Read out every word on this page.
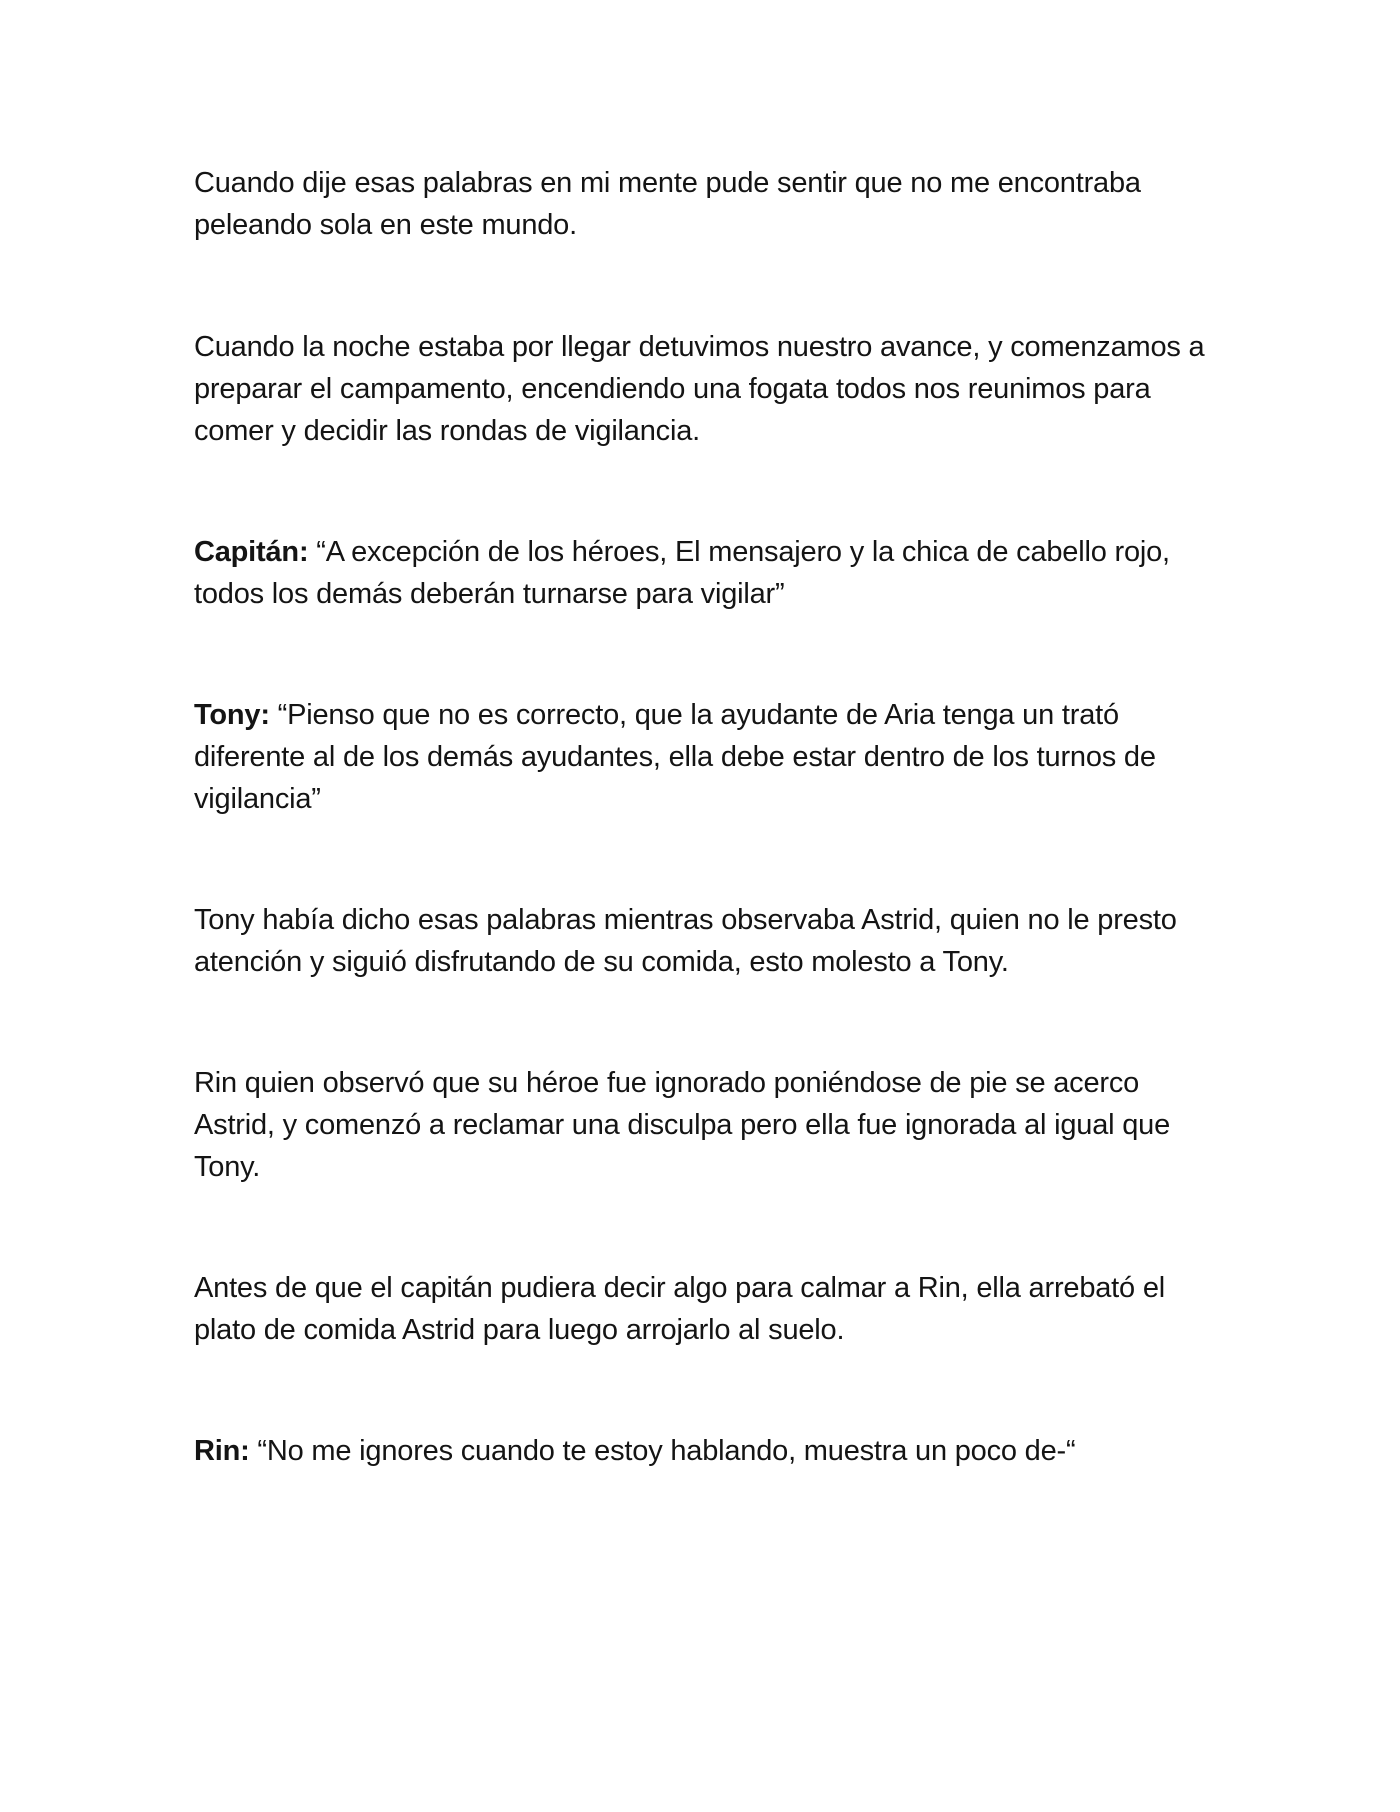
Cuando dije esas palabras en mi mente pude sentir que no me encontraba peleando sola en este mundo.

Cuando la noche estaba por llegar detuvimos nuestro avance, y comenzamos a preparar el campamento, encendiendo una fogata todos nos reunimos para comer y decidir las rondas de vigilancia.

Capitán: “A excepción de los héroes, El mensajero y la chica de cabello rojo, todos los demás deberán turnarse para vigilar”

Tony: “Pienso que no es correcto, que la ayudante de Aria tenga un trató diferente al de los demás ayudantes, ella debe estar dentro de los turnos de vigilancia”

Tony había dicho esas palabras mientras observaba Astrid, quien no le presto atención y siguió disfrutando de su comida, esto molesto a Tony.

Rin quien observó que su héroe fue ignorado poniéndose de pie se acerco Astrid, y comenzó a reclamar una disculpa pero ella fue ignorada al igual que Tony.

Antes de que el capitán pudiera decir algo para calmar a Rin, ella arrebató el plato de comida Astrid para luego arrojarlo al suelo.

Rin: “No me ignores cuando te estoy hablando, muestra un poco de-“
